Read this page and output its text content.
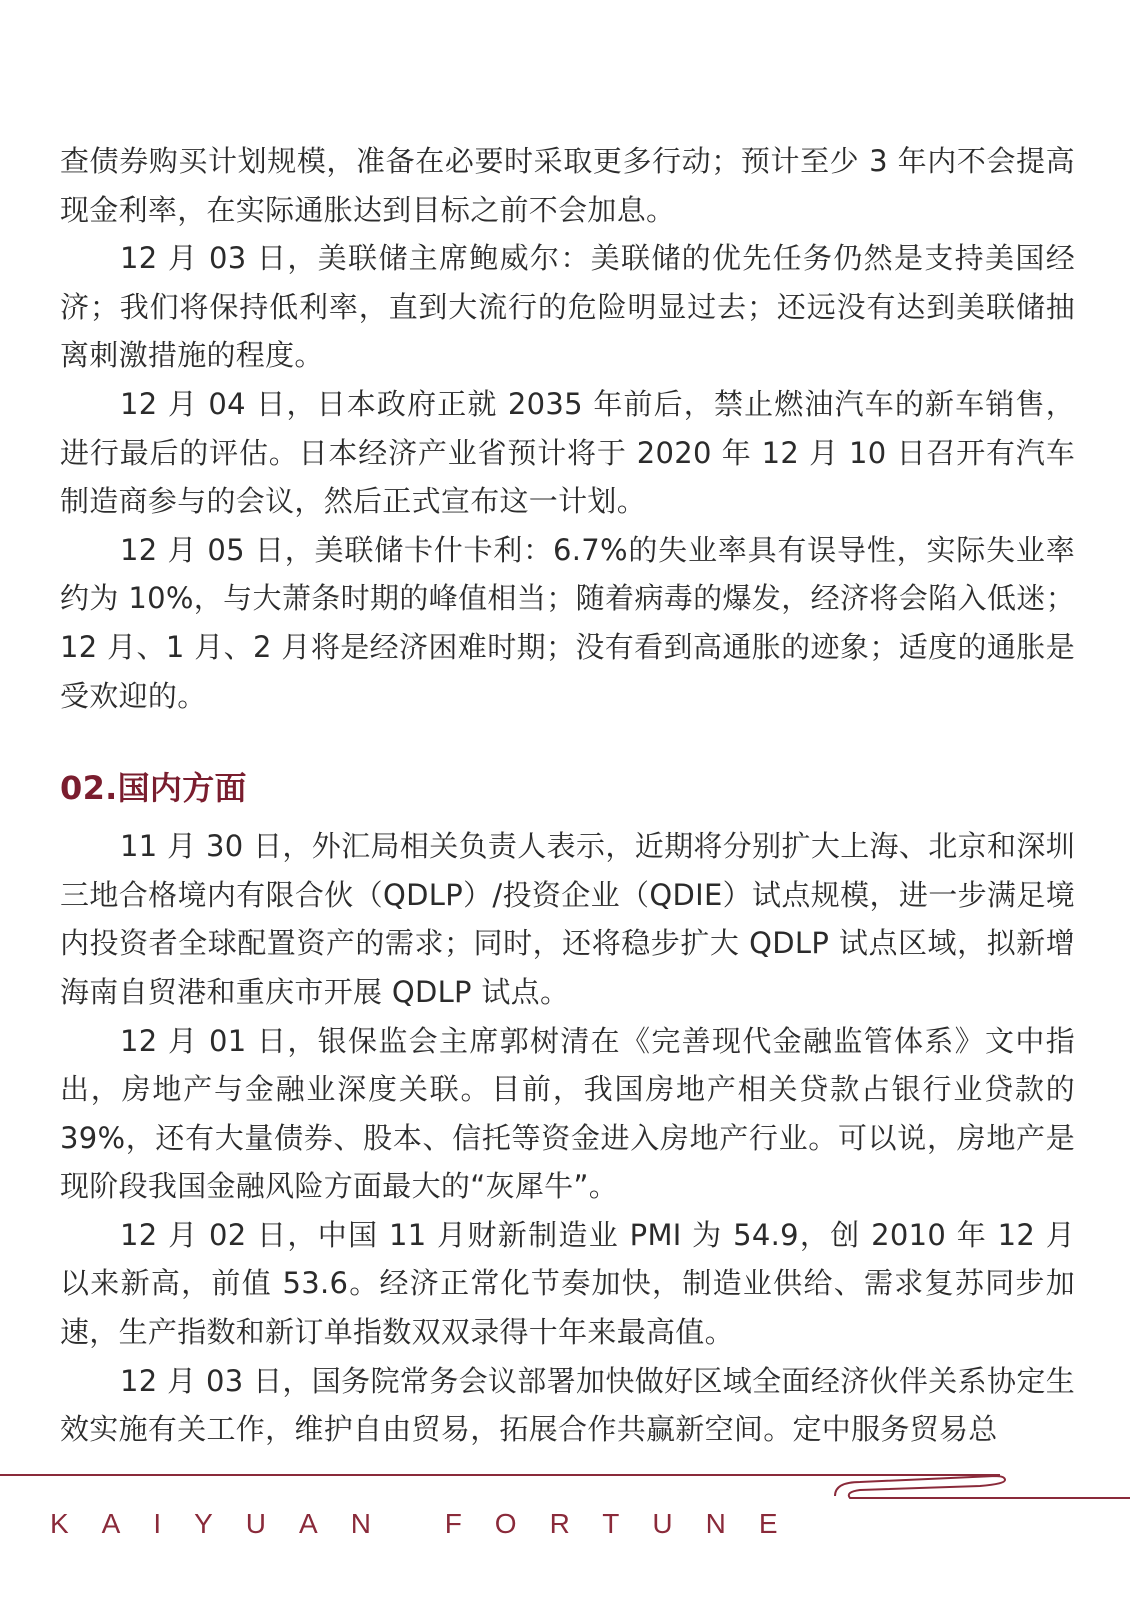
查债券购买计划规模，准备在必要时采取更多行动；预计至少 3 年内不会提高现金利率，在实际通胀达到目标之前不会加息。

12 月 03 日，美联储主席鲍威尔：美联储的优先任务仍然是支持美国经济；我们将保持低利率，直到大流行的危险明显过去；还远没有达到美联储抽离刺激措施的程度。

12 月 04 日，日本政府正就 2035 年前后，禁止燃油汽车的新车销售，进行最后的评估。日本经济产业省预计将于 2020 年 12 月 10 日召开有汽车制造商参与的会议，然后正式宣布这一计划。

12 月 05 日，美联储卡什卡利：6.7%的失业率具有误导性，实际失业率约为 10%，与大萧条时期的峰值相当；随着病毒的爆发，经济将会陷入低迷；12 月、1 月、2 月将是经济困难时期；没有看到高通胀的迹象；适度的通胀是受欢迎的。

02.国内方面

11 月 30 日，外汇局相关负责人表示，近期将分别扩大上海、北京和深圳三地合格境内有限合伙（QDLP）/投资企业（QDIE）试点规模，进一步满足境内投资者全球配置资产的需求；同时，还将稳步扩大 QDLP 试点区域，拟新增海南自贸港和重庆市开展 QDLP 试点。

12 月 01 日，银保监会主席郭树清在《完善现代金融监管体系》文中指出，房地产与金融业深度关联。目前，我国房地产相关贷款占银行业贷款的 39%，还有大量债券、股本、信托等资金进入房地产行业。可以说，房地产是现阶段我国金融风险方面最大的“灰犀牛”。

12 月 02 日，中国 11 月财新制造业 PMI 为 54.9，创 2010 年 12 月以来新高，前值 53.6。经济正常化节奏加快，制造业供给、需求复苏同步加速，生产指数和新订单指数双双录得十年来最高值。

12 月 03 日，国务院常务会议部署加快做好区域全面经济伙伴关系协定生效实施有关工作，维护自由贸易，拓展合作共赢新空间。定中服务贸易总

KAIYUAN FORTUNE
